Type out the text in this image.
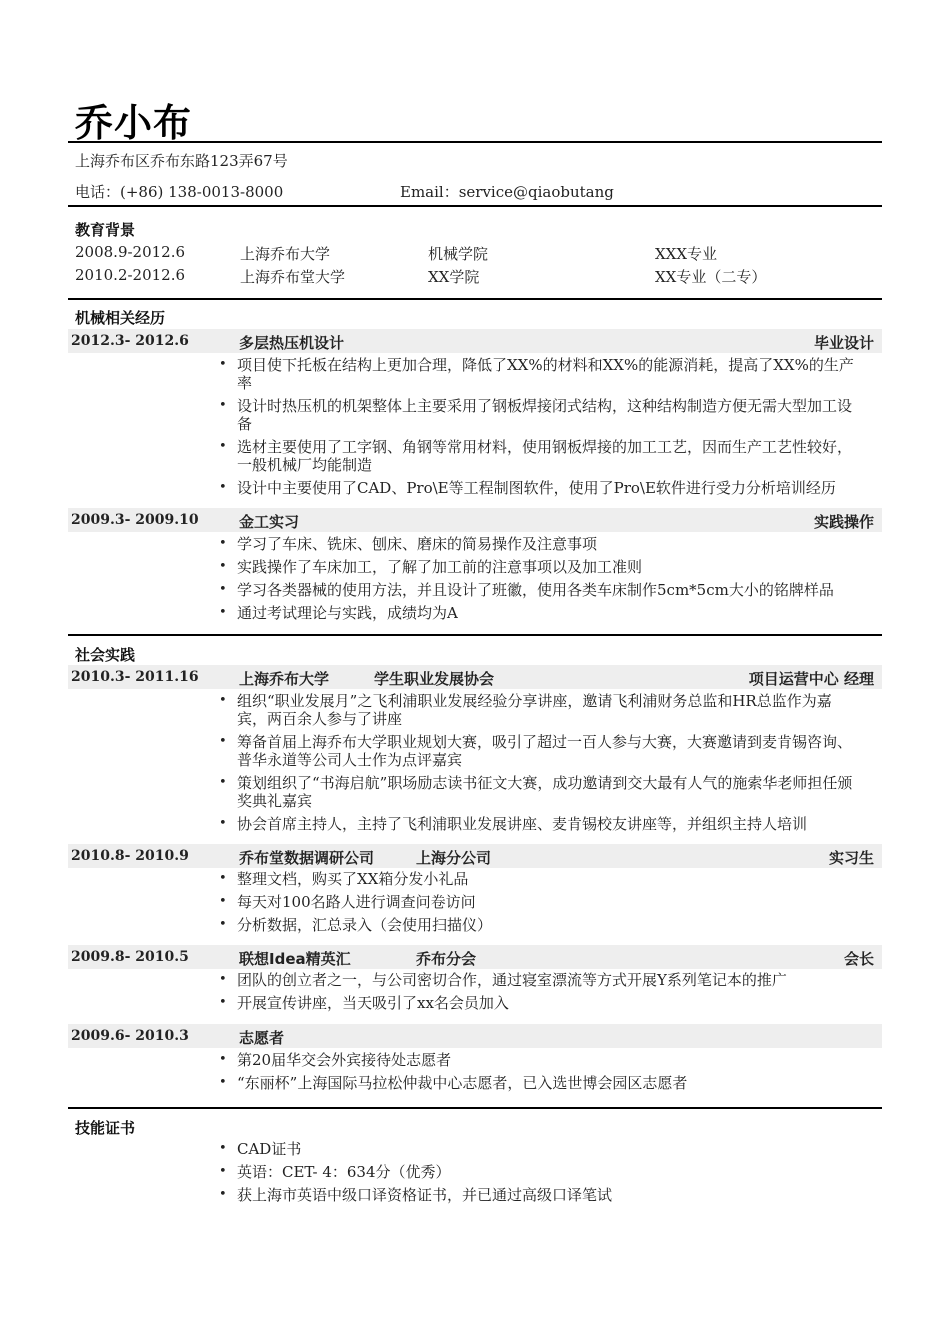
乔小布
上海乔布区乔布东路123弄67号
电话：(+86) 138-0013-8000	Email：service@qiaobutang
教育背景
2008.9-2012.6	上海乔布大学	机械学院	XXX专业
2010.2-2012.6	上海乔布堂大学	XX学院	XX专业（二专）
机械相关经历
2012.3- 2012.6	多层热压机设计	毕业设计
• 项目使下托板在结构上更加合理，降低了XX%的材料和XX%的能源消耗，提高了XX%的生产率
• 设计时热压机的机架整体上主要采用了钢板焊接闭式结构，这种结构制造方便无需大型加工设备
• 选材主要使用了工字钢、角钢等常用材料，使用钢板焊接的加工工艺，因而生产工艺性较好，一般机械厂均能制造
• 设计中主要使用了CAD、Pro\E等工程制图软件，使用了Pro\E软件进行受力分析培训经历
2009.3- 2009.10	金工实习	实践操作
• 学习了车床、铣床、刨床、磨床的简易操作及注意事项
• 实践操作了车床加工，了解了加工前的注意事项以及加工准则
• 学习各类器械的使用方法，并且设计了班徽，使用各类车床制作5cm*5cm大小的铭牌样品
• 通过考试理论与实践，成绩均为A
社会实践
2010.3- 2011.16	上海乔布大学	学生职业发展协会	项目运营中心 经理
• 组织“职业发展月”之飞利浦职业发展经验分享讲座，邀请飞利浦财务总监和HR总监作为嘉宾，两百余人参与了讲座
• 筹备首届上海乔布大学职业规划大赛，吸引了超过一百人参与大赛，大赛邀请到麦肯锡咨询、普华永道等公司人士作为点评嘉宾
• 策划组织了“书海启航”职场励志读书征文大赛，成功邀请到交大最有人气的施索华老师担任颁奖典礼嘉宾
• 协会首席主持人，主持了飞利浦职业发展讲座、麦肯锡校友讲座等，并组织主持人培训
2010.8- 2010.9	乔布堂数据调研公司	上海分公司	实习生
• 整理文档，购买了XX箱分发小礼品
• 每天对100名路人进行调查问卷访问
• 分析数据，汇总录入（会使用扫描仪）
2009.8- 2010.5	联想Idea精英汇	乔布分会	会长
• 团队的创立者之一，与公司密切合作，通过寝室漂流等方式开展Y系列笔记本的推广
• 开展宣传讲座，当天吸引了xx名会员加入
2009.6- 2010.3	志愿者
• 第20届华交会外宾接待处志愿者
• “东丽杯”上海国际马拉松仲裁中心志愿者，已入选世博会园区志愿者
技能证书
• CAD证书
• 英语：CET- 4：634分（优秀）
• 获上海市英语中级口译资格证书，并已通过高级口译笔试
